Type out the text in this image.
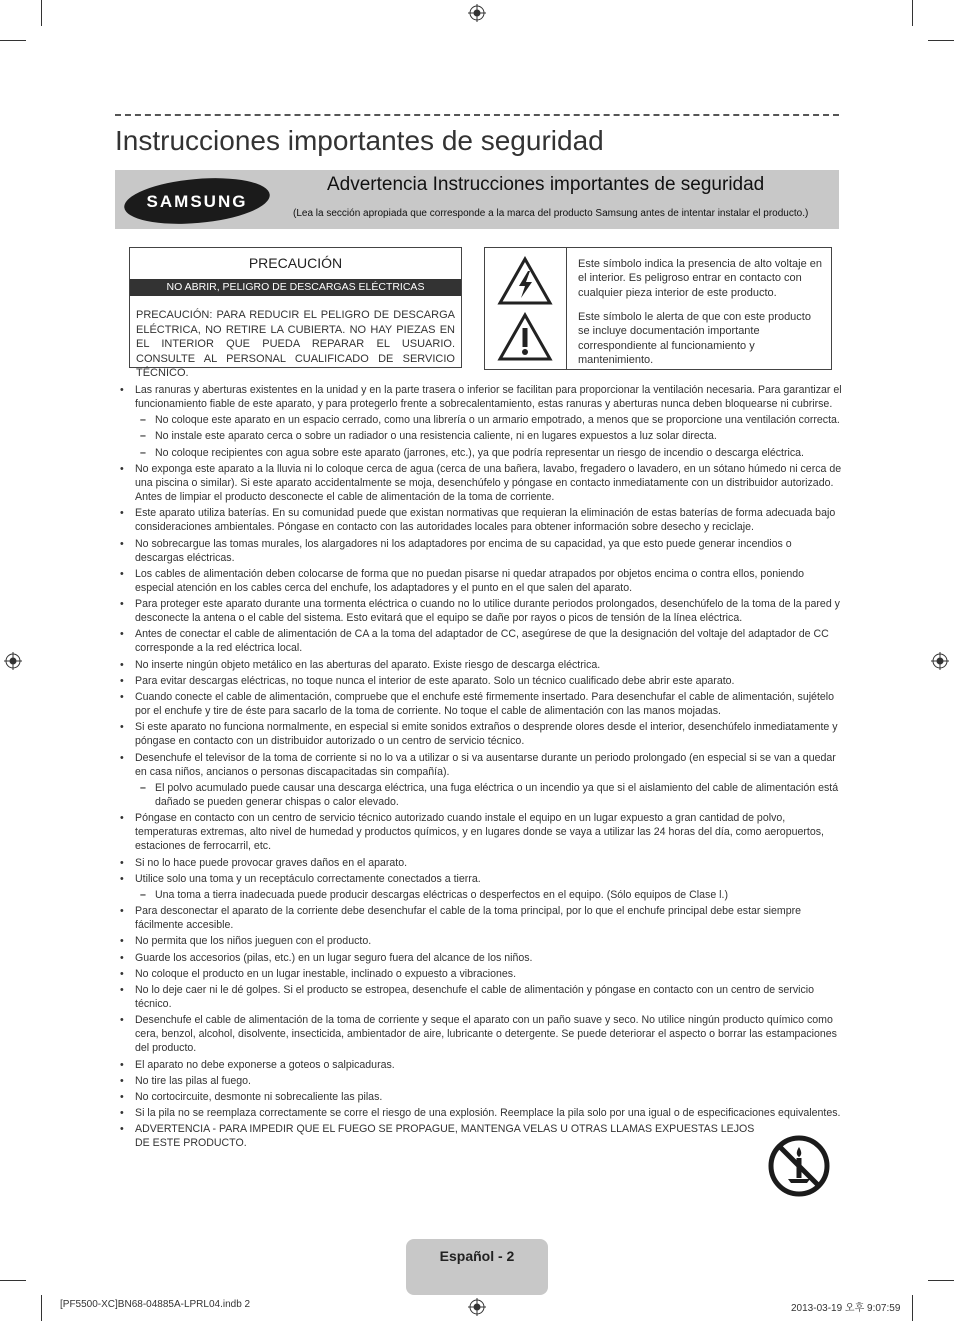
Instrucciones importantes de seguridad
SAMSUNG
Advertencia Instrucciones importantes de seguridad
(Lea la sección apropiada que corresponde a la marca del producto Samsung antes de intentar instalar el producto.)
PRECAUCIÓN
NO ABRIR, PELIGRO DE DESCARGAS ELÉCTRICAS
PRECAUCIÓN: PARA REDUCIR EL PELIGRO DE DESCARGA ELÉCTRICA, NO RETIRE LA CUBIERTA. NO HAY PIEZAS EN EL INTERIOR QUE PUEDA REPARAR EL USUARIO. CONSULTE AL PERSONAL CUALIFICADO DE SERVICIO TÉCNICO.
Este símbolo indica la presencia de alto voltaje en el interior. Es peligroso entrar en contacto con cualquier pieza interior de este producto.
Este símbolo le alerta de que con este producto se incluye documentación importante correspondiente al funcionamiento y mantenimiento.
• Las ranuras y aberturas existentes en la unidad y en la parte trasera o inferior se facilitan para proporcionar la ventilación necesaria. Para garantizar el funcionamiento fiable de este aparato, y para protegerlo frente a sobrecalentamiento, estas ranuras y aberturas nunca deben bloquearse ni cubrirse.
– No coloque este aparato en un espacio cerrado, como una librería o un armario empotrado, a menos que se proporcione una ventilación correcta.
– No instale este aparato cerca o sobre un radiador o una resistencia caliente, ni en lugares expuestos a luz solar directa.
– No coloque recipientes con agua sobre este aparato (jarrones, etc.), ya que podría representar un riesgo de incendio o descarga eléctrica.
• No exponga este aparato a la lluvia ni lo coloque cerca de agua (cerca de una bañera, lavabo, fregadero o lavadero, en un sótano húmedo ni cerca de una piscina o similar). Si este aparato accidentalmente se moja, desenchúfelo y póngase en contacto inmediatamente con un distribuidor autorizado. Antes de limpiar el producto desconecte el cable de alimentación de la toma de corriente.
• Este aparato utiliza baterías. En su comunidad puede que existan normativas que requieran la eliminación de estas baterías de forma adecuada bajo consideraciones ambientales. Póngase en contacto con las autoridades locales para obtener información sobre desecho y reciclaje.
• No sobrecargue las tomas murales, los alargadores ni los adaptadores por encima de su capacidad, ya que esto puede generar incendios o descargas eléctricas.
• Los cables de alimentación deben colocarse de forma que no puedan pisarse ni quedar atrapados por objetos encima o contra ellos, poniendo especial atención en los cables cerca del enchufe, los adaptadores y el punto en el que salen del aparato.
• Para proteger este aparato durante una tormenta eléctrica o cuando no lo utilice durante periodos prolongados, desenchúfelo de la toma de la pared y desconecte la antena o el cable del sistema. Esto evitará que el equipo se dañe por rayos o picos de tensión de la línea eléctrica.
• Antes de conectar el cable de alimentación de CA a la toma del adaptador de CC, asegúrese de que la designación del voltaje del adaptador de CC corresponde a la red eléctrica local.
• No inserte ningún objeto metálico en las aberturas del aparato. Existe riesgo de descarga eléctrica.
• Para evitar descargas eléctricas, no toque nunca el interior de este aparato. Solo un técnico cualificado debe abrir este aparato.
• Cuando conecte el cable de alimentación, compruebe que el enchufe esté firmemente insertado. Para desenchufar el cable de alimentación, sujételo por el enchufe y tire de éste para sacarlo de la toma de corriente. No toque el cable de alimentación con las manos mojadas.
• Si este aparato no funciona normalmente, en especial si emite sonidos extraños o desprende olores desde el interior, desenchúfelo inmediatamente y póngase en contacto con un distribuidor autorizado o un centro de servicio técnico.
• Desenchufe el televisor de la toma de corriente si no lo va a utilizar o si va ausentarse durante un periodo prolongado (en especial si se van a quedar en casa niños, ancianos o personas discapacitadas sin compañía).
– El polvo acumulado puede causar una descarga eléctrica, una fuga eléctrica o un incendio ya que si el aislamiento del cable de alimentación está dañado se pueden generar chispas o calor elevado.
• Póngase en contacto con un centro de servicio técnico autorizado cuando instale el equipo en un lugar expuesto a gran cantidad de polvo, temperaturas extremas, alto nivel de humedad y productos químicos, y en lugares donde se vaya a utilizar las 24 horas del día, como aeropuertos, estaciones de ferrocarril, etc.
• Si no lo hace puede provocar graves daños en el aparato.
• Utilice solo una toma y un receptáculo correctamente conectados a tierra.
– Una toma a tierra inadecuada puede producir descargas eléctricas o desperfectos en el equipo. (Sólo equipos de Clase l.)
• Para desconectar el aparato de la corriente debe desenchufar el cable de la toma principal, por lo que el enchufe principal debe estar siempre fácilmente accesible.
• No permita que los niños jueguen con el producto.
• Guarde los accesorios (pilas, etc.) en un lugar seguro fuera del alcance de los niños.
• No coloque el producto en un lugar inestable, inclinado o expuesto a vibraciones.
• No lo deje caer ni le dé golpes. Si el producto se estropea, desenchufe el cable de alimentación y póngase en contacto con un centro de servicio técnico.
• Desenchufe el cable de alimentación de la toma de corriente y seque el aparato con un paño suave y seco. No utilice ningún producto químico como cera, benzol, alcohol, disolvente, insecticida, ambientador de aire, lubricante o detergente. Se puede deteriorar el aspecto o borrar las estampaciones del producto.
• El aparato no debe exponerse a goteos o salpicaduras.
• No tire las pilas al fuego.
• No cortocircuite, desmonte ni sobrecaliente las pilas.
• Si la pila no se reemplaza correctamente se corre el riesgo de una explosión. Reemplace la pila solo por una igual o de especificaciones equivalentes.
• ADVERTENCIA - PARA IMPEDIR QUE EL FUEGO SE PROPAGUE, MANTENGA VELAS U OTRAS LLAMAS EXPUESTAS LEJOS DE ESTE PRODUCTO.
Español - 2
[PF5500-XC]BN68-04885A-LPRL04.indb 2	2013-03-19 오후 9:07:59
